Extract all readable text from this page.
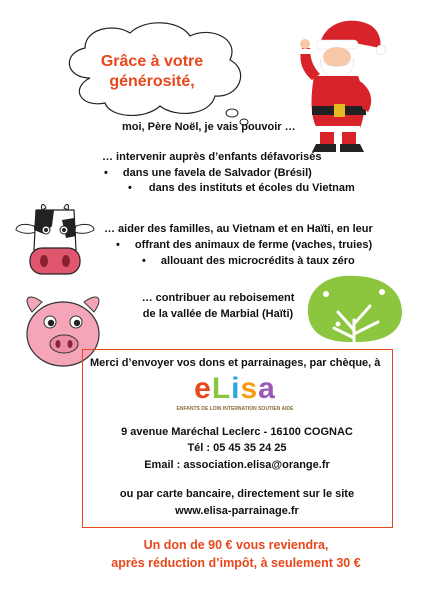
Grâce à votre
générosité,
moi, Père Noël, je vais pouvoir …
… intervenir auprès d’enfants défavorisés
• dans une favela de Salvador (Brésil)
• dans des instituts et écoles du Vietnam
… aider des familles, au Vietnam et en Haïti, en leur
• offrant des animaux de ferme (vaches, truies)
• allouant des microcrédits à taux zéro
… contribuer au reboisement
de la vallée de Marbial (Haïti)
Merci d’envoyer vos dons et parrainages, par chèque, à
eLisa
ENFANTS DE LOIN INTERNATION SOUTIEN AIDE
9 avenue Maréchal Leclerc - 16100 COGNAC
Tél : 05 45 35 24 25
Email : association.elisa@orange.fr
ou par carte bancaire, directement sur le site
www.elisa-parrainage.fr
Un don de 90 € vous reviendra,
après réduction d’impôt, à seulement 30 €
